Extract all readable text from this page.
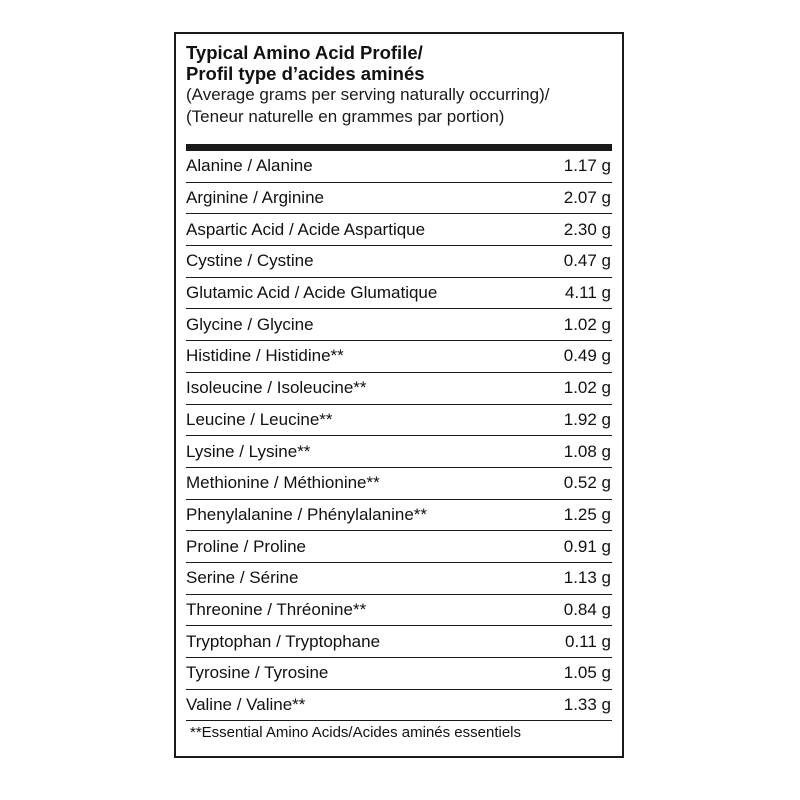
Typical Amino Acid Profile/
Profil type d’acides aminés
(Average grams per serving naturally occurring)/
(Teneur naturelle en grammes par portion)
Alanine / Alanine	1.17 g
Arginine / Arginine	2.07 g
Aspartic Acid / Acide Aspartique	2.30 g
Cystine / Cystine	0.47 g
Glutamic Acid / Acide Glumatique	4.11 g
Glycine / Glycine	1.02 g
Histidine / Histidine**	0.49 g
Isoleucine / Isoleucine**	1.02 g
Leucine / Leucine**	1.92 g
Lysine / Lysine**	1.08 g
Methionine / Méthionine**	0.52 g
Phenylalanine / Phénylalanine**	1.25 g
Proline / Proline	0.91 g
Serine / Sérine	1.13 g
Threonine / Thréonine**	0.84 g
Tryptophan / Tryptophane	0.11 g
Tyrosine / Tyrosine	1.05 g
Valine / Valine**	1.33 g
**Essential Amino Acids/Acides aminés essentiels
